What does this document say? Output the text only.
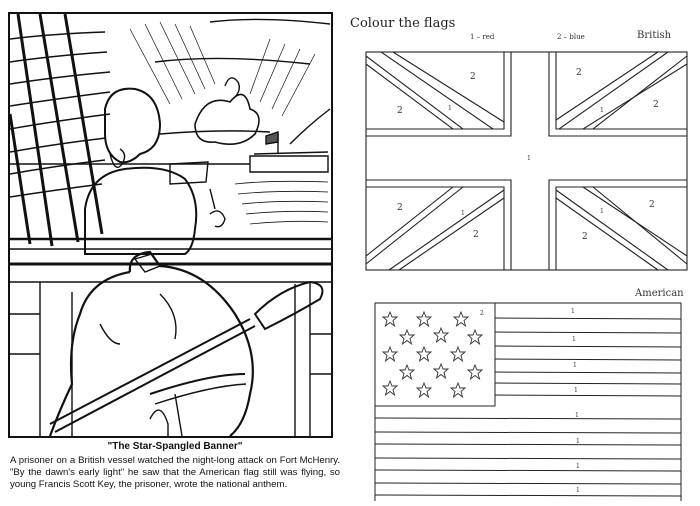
"The Star-Spangled Banner"
A prisoner on a British vessel watched the night-long attack on Fort McHenry. "By the dawn's early light" he saw that the American flag still was flying, so young Francis Scott Key, the prisoner, wrote the national anthem.
Colour the flags
1 – red	2 – blue	British
2
2	1
2
2
1
1
2
2
1
2
2
1
American
2	1
1
1
1
1
1
1
1
